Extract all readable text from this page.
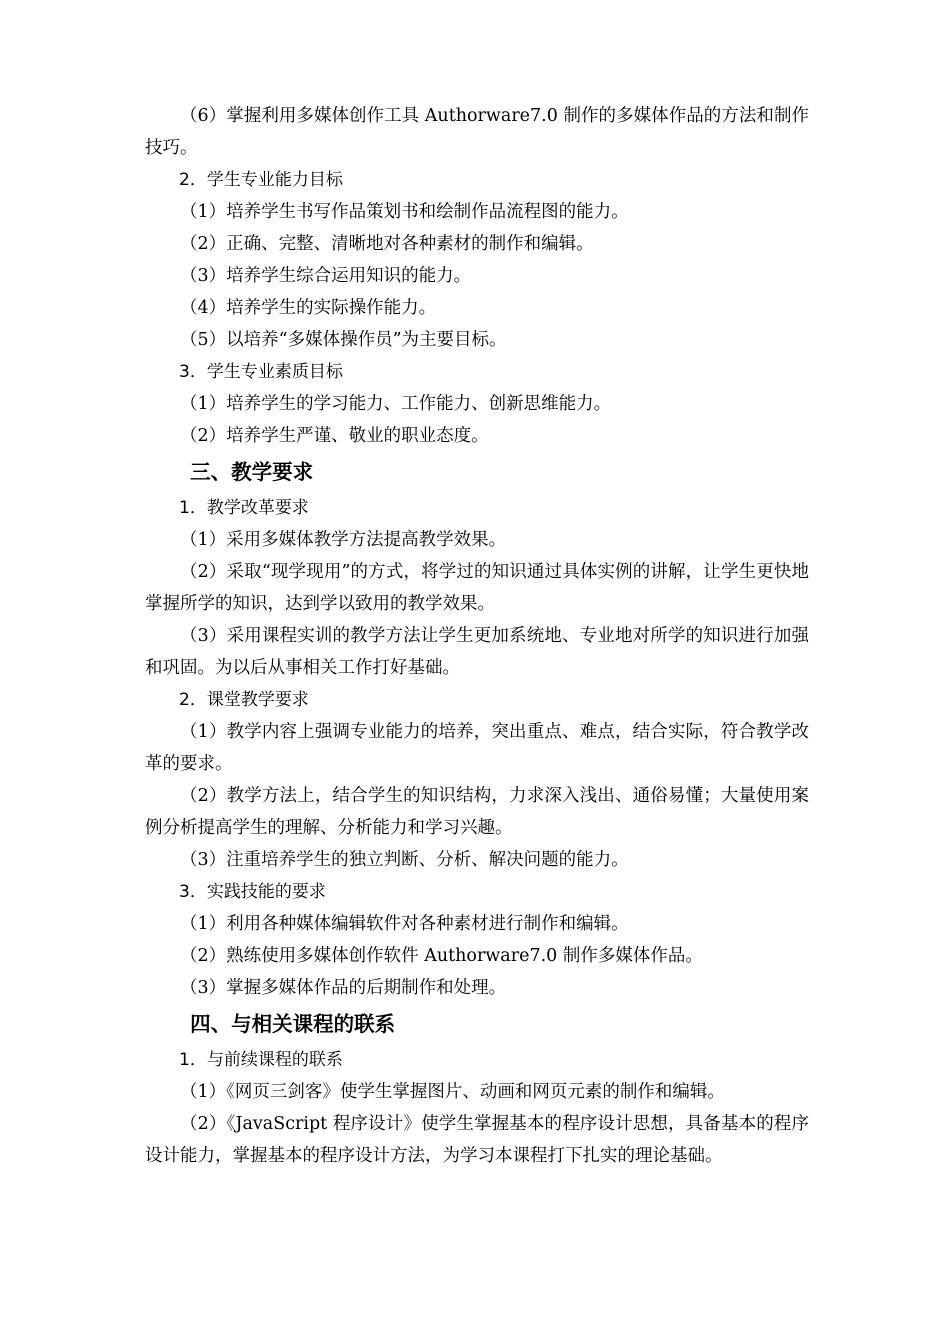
（6）掌握利用多媒体创作工具 Authorware7.0 制作的多媒体作品的方法和制作技巧。

2．学生专业能力目标

（1）培养学生书写作品策划书和绘制作品流程图的能力。

（2）正确、完整、清晰地对各种素材的制作和编辑。

（3）培养学生综合运用知识的能力。

（4）培养学生的实际操作能力。

（5）以培养“多媒体操作员”为主要目标。

3．学生专业素质目标

（1）培养学生的学习能力、工作能力、创新思维能力。

（2）培养学生严谨、敬业的职业态度。

三、教学要求
1．教学改革要求

（1）采用多媒体教学方法提高教学效果。

（2）采取“现学现用”的方式，将学过的知识通过具体实例的讲解，让学生更快地掌握所学的知识，达到学以致用的教学效果。

（3）采用课程实训的教学方法让学生更加系统地、专业地对所学的知识进行加强和巩固。为以后从事相关工作打好基础。

2．课堂教学要求

（1）教学内容上强调专业能力的培养，突出重点、难点，结合实际，符合教学改革的要求。

（2）教学方法上，结合学生的知识结构，力求深入浅出、通俗易懂；大量使用案例分析提高学生的理解、分析能力和学习兴趣。

（3）注重培养学生的独立判断、分析、解决问题的能力。

3．实践技能的要求

（1）利用各种媒体编辑软件对各种素材进行制作和编辑。

（2）熟练使用多媒体创作软件 Authorware7.0 制作多媒体作品。

（3）掌握多媒体作品的后期制作和处理。

四、与相关课程的联系
1．与前续课程的联系

（1）《网页三剑客》使学生掌握图片、动画和网页元素的制作和编辑。

（2）《JavaScript 程序设计》使学生掌握基本的程序设计思想，具备基本的程序设计能力，掌握基本的程序设计方法，为学习本课程打下扎实的理论基础。
